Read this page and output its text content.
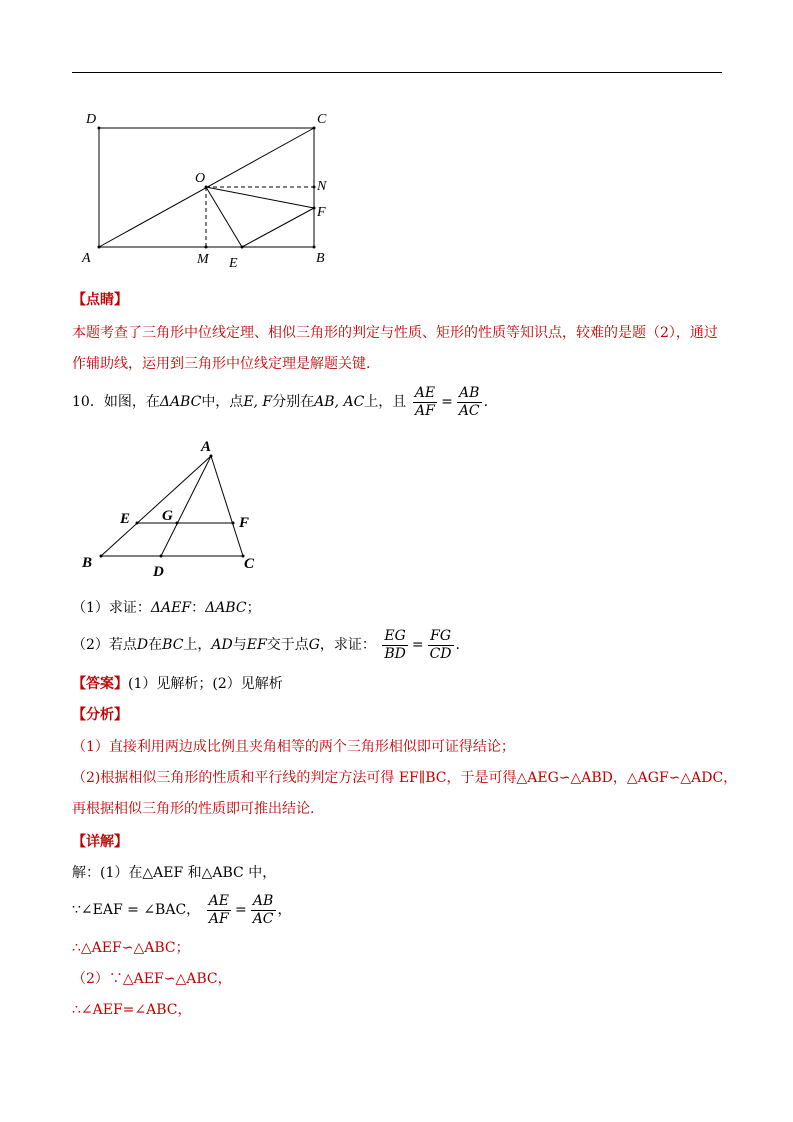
D	C
O
N
F
A	M E	B
【点睛】
本题考查了三角形中位线定理、相似三角形的判定与性质、矩形的性质等知识点，较难的是题（2），通过
作辅助线，运用到三角形中位线定理是解题关键.
10．如图，在ΔABC中，点E, F分别在AB, AC上，且 $\frac{AE}{AF} = \frac{AB}{AC}$ .
A
E G	F
B
D	C
（1）求证：ΔAEF：ΔABC；
（2）若点D在BC上，AD与EF交于点G，求证： $\frac{EG}{BD} = \frac{FG}{CD}$ .
【答案】(1）见解析；(2）见解析
【分析】
（1）直接利用两边成比例且夹角相等的两个三角形相似即可证得结论；
（2)根据相似三角形的性质和平行线的判定方法可得 EF∥BC，于是可得△AEG∽△ABD，△AGF∽△ADC，
再根据相似三角形的性质即可推出结论.
【详解】
解：(1）在△AEF 和△ABC 中，
∵∠EAF = ∠BAC， $\frac{AE}{AF} = \frac{AB}{AC}$ ，
∴△AEF∽△ABC；
（2）∵△AEF∽△ABC，
∴∠AEF=∠ABC，
